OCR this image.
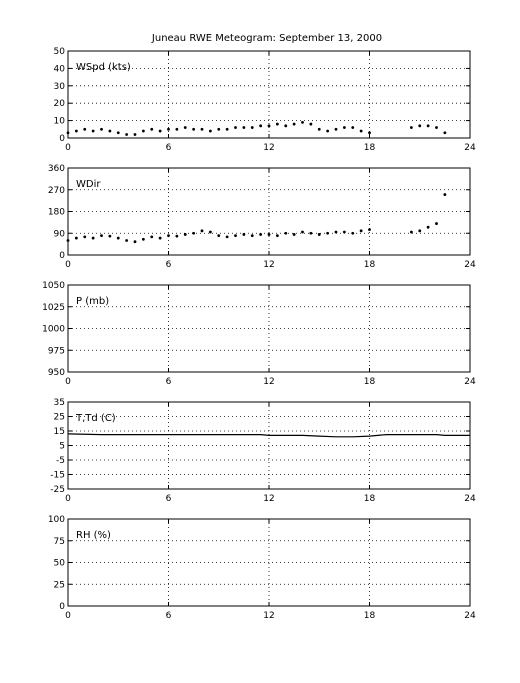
Juneau RWE Meteogram: September 13, 2000
0
10
20
30
40
50
0	6	12	18	24
WSpd (kts)
0
90
180
270
360
0	6	12	18	24
WDir
950
975
1000
1025
1050
0	6	12	18	24
P (mb)
-25
-15
-5
5
15
25
35
0	6	12	18	24
T,Td (C)
0
25
50
75
100
0	6	12	18	24
RH (%)
